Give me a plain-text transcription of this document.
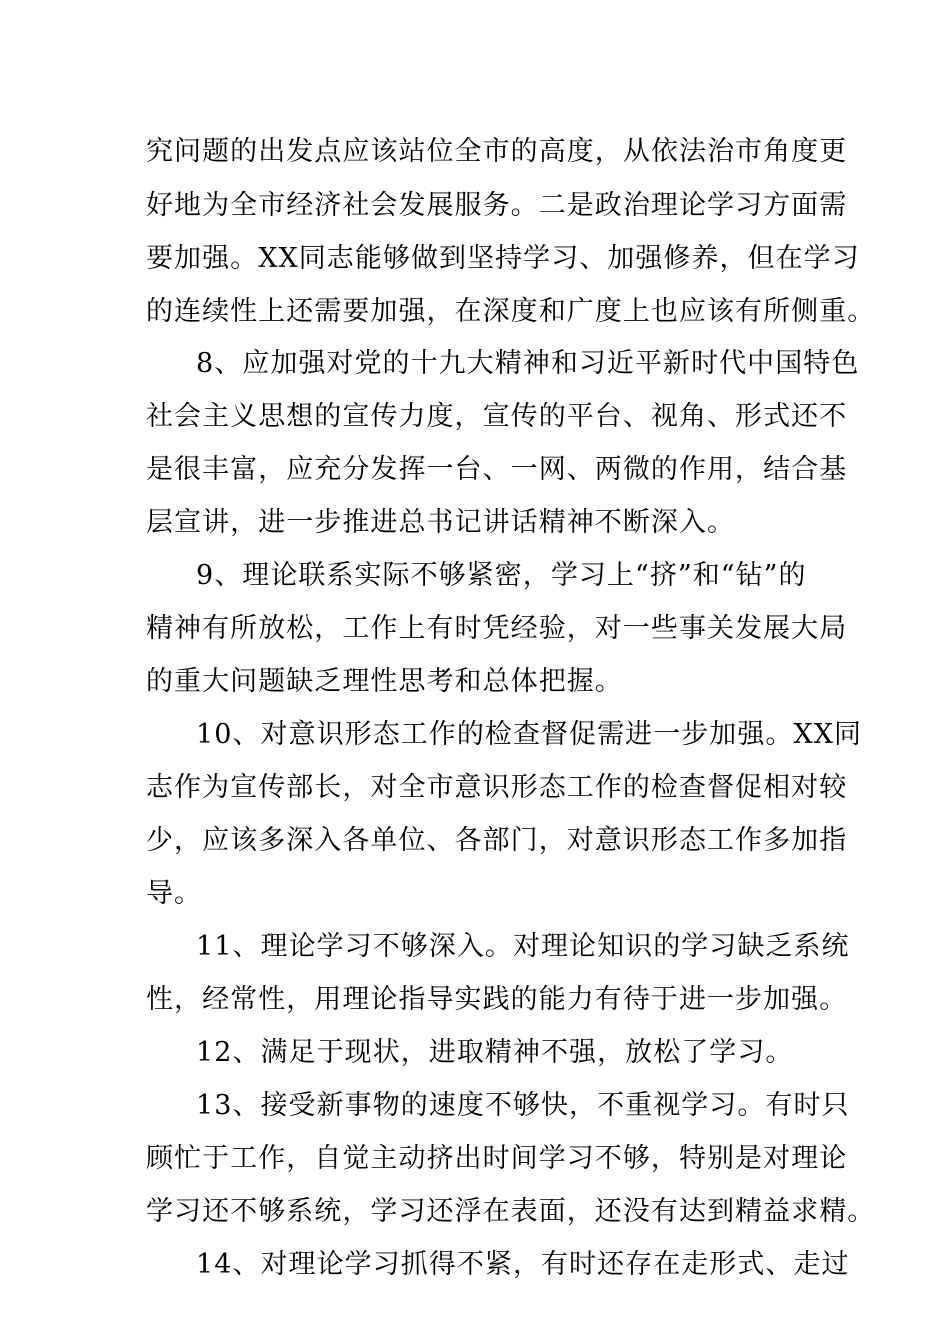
究问题的出发点应该站位全市的高度，从依法治市角度更
好地为全市经济社会发展服务。二是政治理论学习方面需
要加强。XX同志能够做到坚持学习、加强修养，但在学习
的连续性上还需要加强，在深度和广度上也应该有所侧重。
8、应加强对党的十九大精神和习近平新时代中国特色
社会主义思想的宣传力度，宣传的平台、视角、形式还不
是很丰富，应充分发挥一台、一网、两微的作用，结合基
层宣讲，进一步推进总书记讲话精神不断深入。
9、理论联系实际不够紧密，学习上“挤”和“钻”的
精神有所放松，工作上有时凭经验，对一些事关发展大局
的重大问题缺乏理性思考和总体把握。
10、对意识形态工作的检查督促需进一步加强。XX同
志作为宣传部长，对全市意识形态工作的检查督促相对较
少，应该多深入各单位、各部门，对意识形态工作多加指
导。
11、理论学习不够深入。对理论知识的学习缺乏系统
性，经常性，用理论指导实践的能力有待于进一步加强。
12、满足于现状，进取精神不强，放松了学习。
13、接受新事物的速度不够快，不重视学习。有时只
顾忙于工作，自觉主动挤出时间学习不够，特别是对理论
学习还不够系统，学习还浮在表面，还没有达到精益求精。
14、对理论学习抓得不紧，有时还存在走形式、走过
